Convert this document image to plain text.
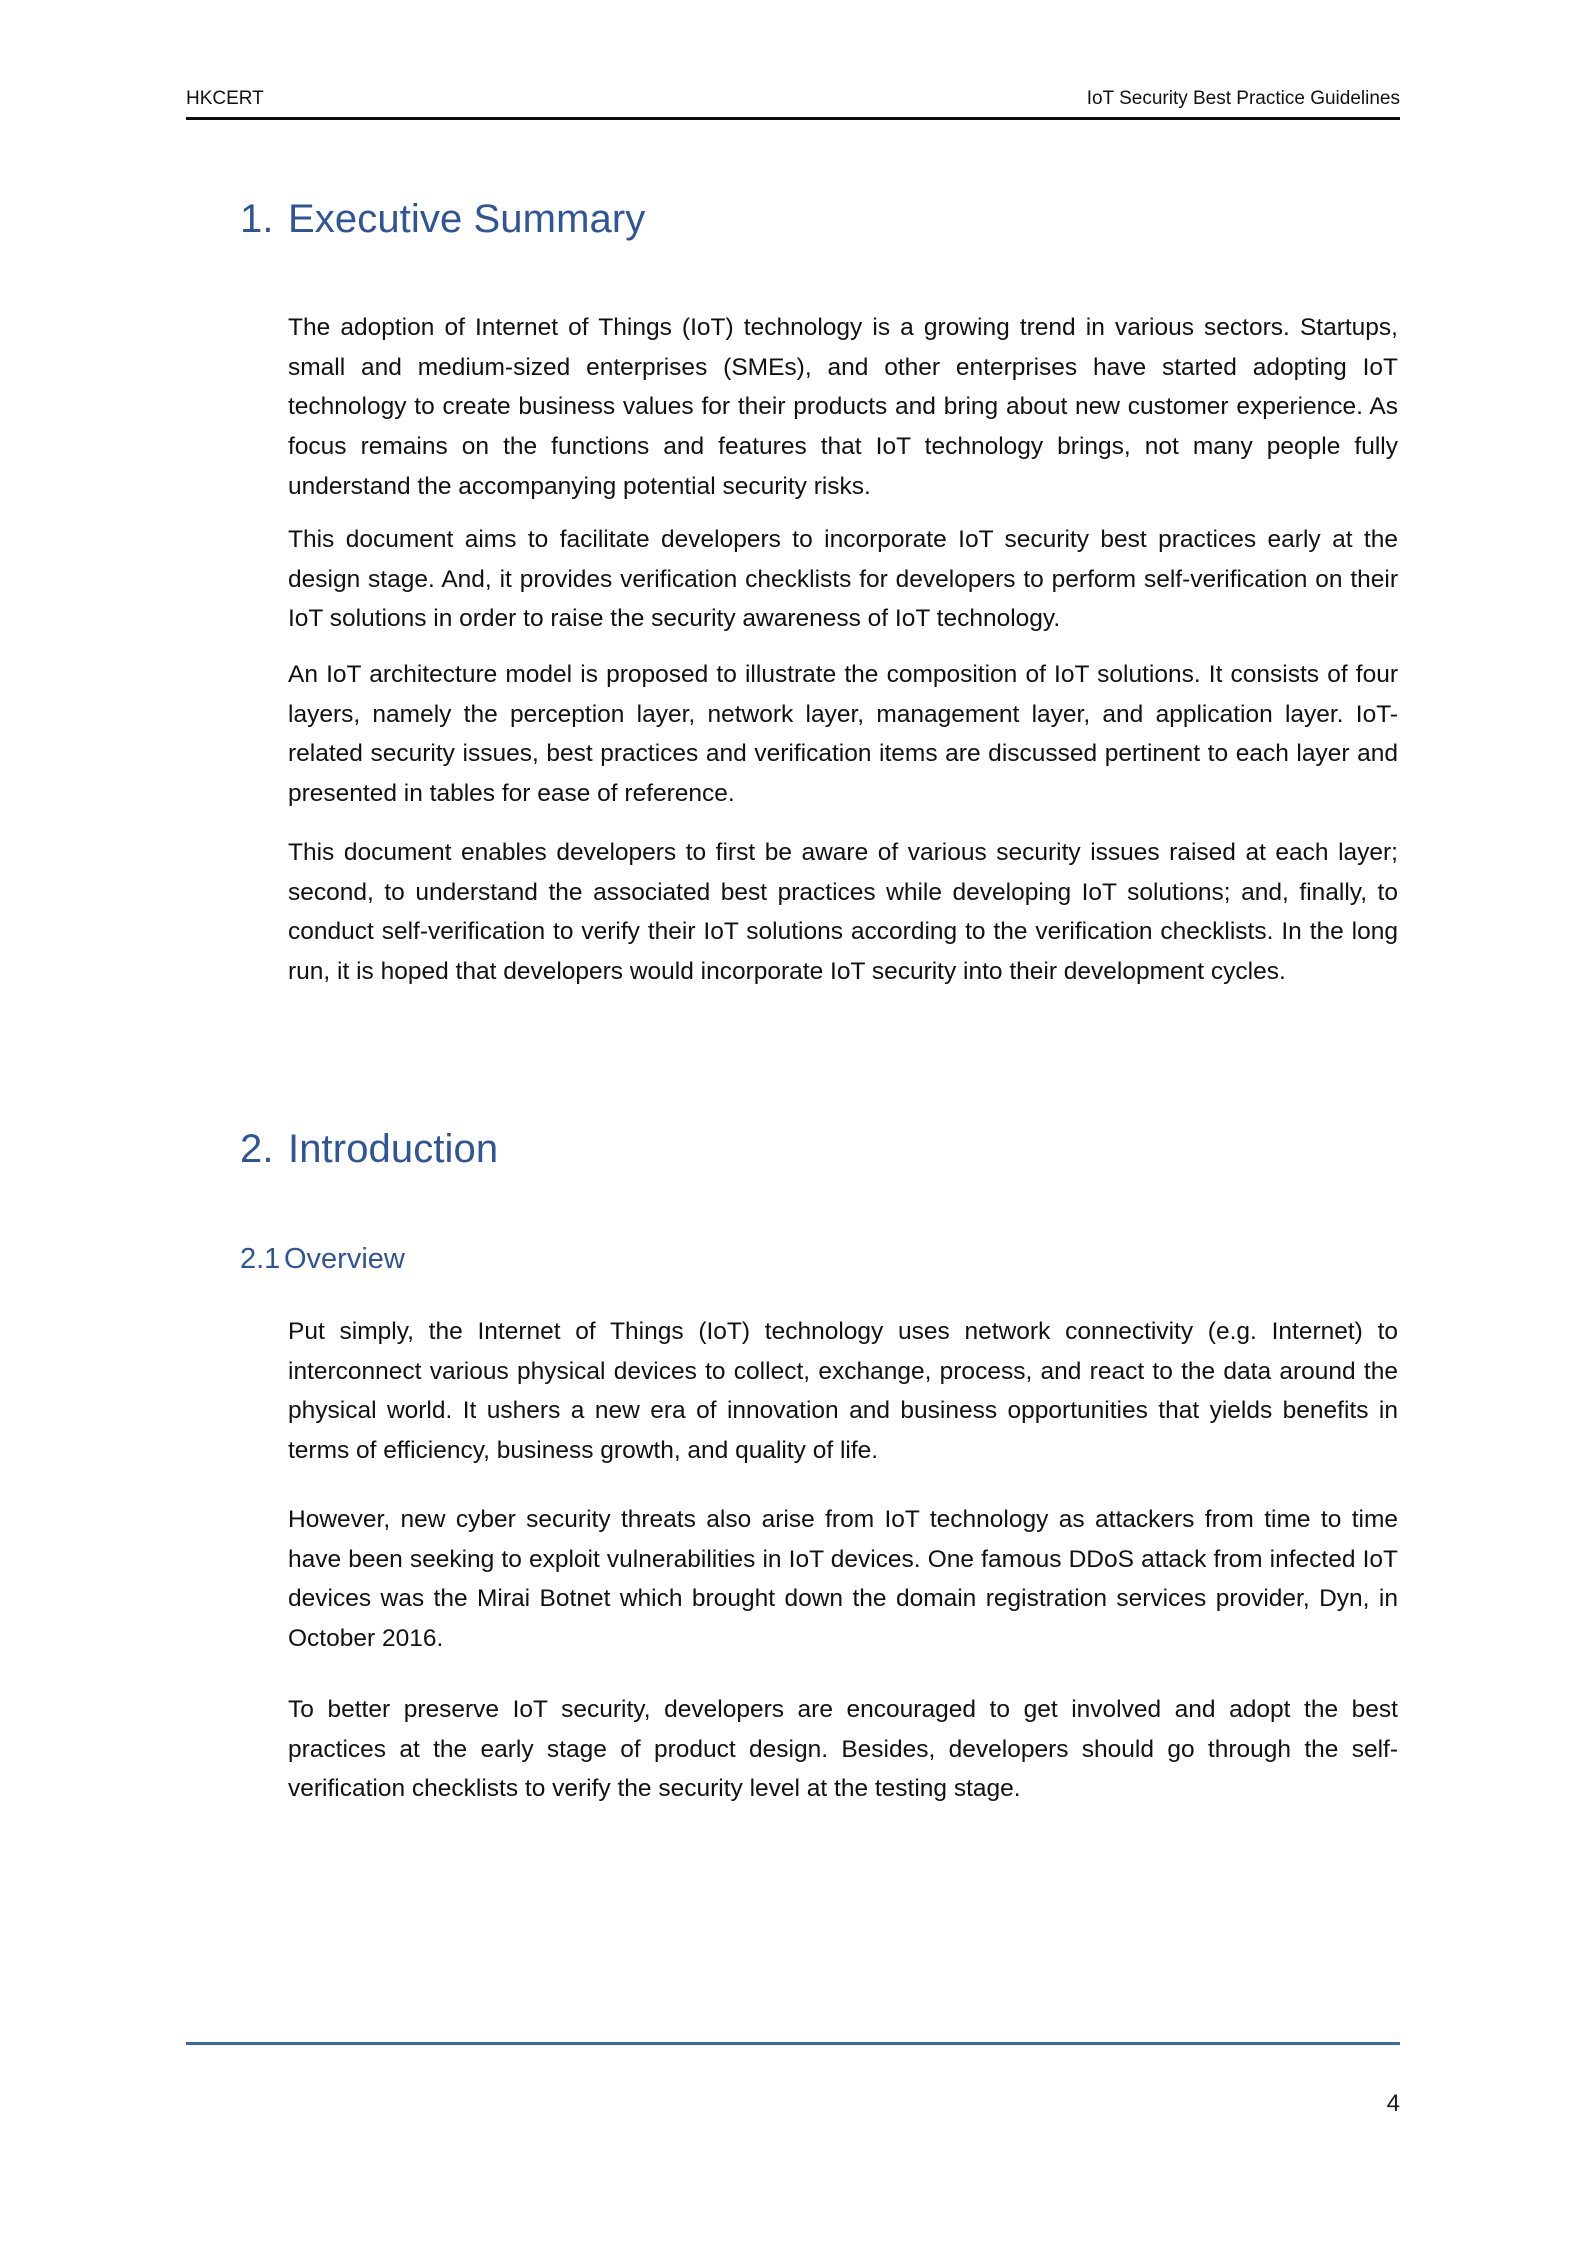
HKCERT	IoT Security Best Practice Guidelines
1. Executive Summary

The adoption of Internet of Things (IoT) technology is a growing trend in various sectors. Startups, small and medium-sized enterprises (SMEs), and other enterprises have started adopting IoT technology to create business values for their products and bring about new customer experience. As focus remains on the functions and features that IoT technology brings, not many people fully understand the accompanying potential security risks.

This document aims to facilitate developers to incorporate IoT security best practices early at the design stage. And, it provides verification checklists for developers to perform self-verification on their IoT solutions in order to raise the security awareness of IoT technology.

An IoT architecture model is proposed to illustrate the composition of IoT solutions. It consists of four layers, namely the perception layer, network layer, management layer, and application layer. IoT-related security issues, best practices and verification items are discussed pertinent to each layer and presented in tables for ease of reference.

This document enables developers to first be aware of various security issues raised at each layer; second, to understand the associated best practices while developing IoT solutions; and, finally, to conduct self-verification to verify their IoT solutions according to the verification checklists. In the long run, it is hoped that developers would incorporate IoT security into their development cycles.

2. Introduction
2.1 Overview

Put simply, the Internet of Things (IoT) technology uses network connectivity (e.g. Internet) to interconnect various physical devices to collect, exchange, process, and react to the data around the physical world. It ushers a new era of innovation and business opportunities that yields benefits in terms of efficiency, business growth, and quality of life.

However, new cyber security threats also arise from IoT technology as attackers from time to time have been seeking to exploit vulnerabilities in IoT devices. One famous DDoS attack from infected IoT devices was the Mirai Botnet which brought down the domain registration services provider, Dyn, in October 2016.

To better preserve IoT security, developers are encouraged to get involved and adopt the best practices at the early stage of product design. Besides, developers should go through the self-verification checklists to verify the security level at the testing stage.

4
